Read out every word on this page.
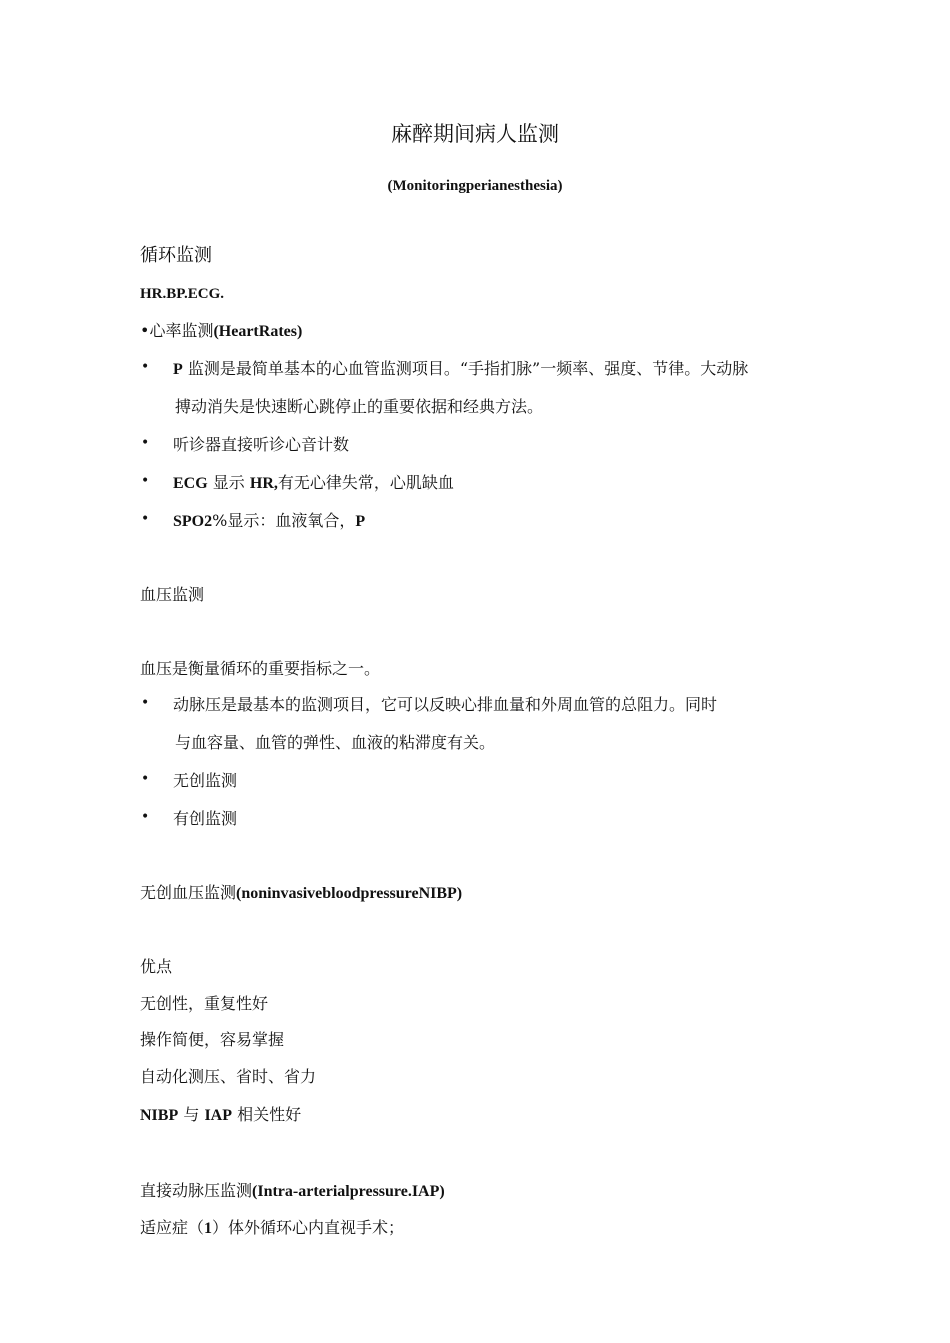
麻醉期间病人监测
(Monitoringperianesthesia)
循环监测
HR.BP.ECG.
•心率监测(HeartRates)
• P 监测是最简单基本的心血管监测项目。“手指扪脉”一频率、强度、节律。大动脉
搏动消失是快速断心跳停止的重要依据和经典方法。
• 听诊器直接听诊心音计数
• ECG 显示 HR,有无心律失常，心肌缺血
• SPO2%显示：血液氧合，P
血压监测
血压是衡量循环的重要指标之一。
• 动脉压是最基本的监测项目，它可以反映心排血量和外周血管的总阻力。同时
与血容量、血管的弹性、血液的粘滞度有关。
• 无创监测
• 有创监测
无创血压监测(noninvasivebloodpressureNIBP)
优点
无创性，重复性好
操作简便，容易掌握
自动化测压、省时、省力
NIBP 与 IAP 相关性好
直接动脉压监测(Intra-arterialpressure.IAP)
适应症（1）体外循环心内直视手术；
